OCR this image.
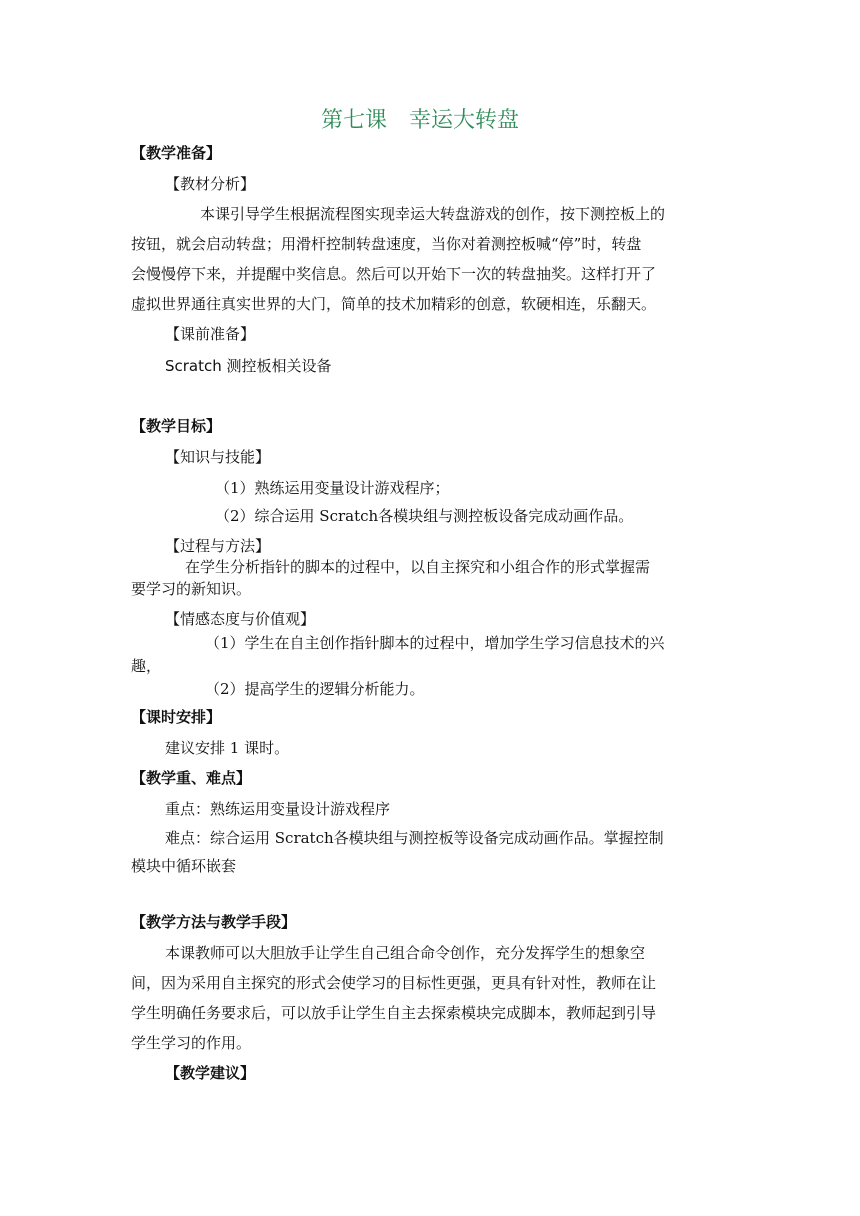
第七课　幸运大转盘
【教学准备】
【教材分析】
本课引导学生根据流程图实现幸运大转盘游戏的创作，按下测控板上的
按钮，就会启动转盘；用滑杆控制转盘速度，当你对着测控板喊“停”时，转盘
会慢慢停下来，并提醒中奖信息。然后可以开始下一次的转盘抽奖。这样打开了
虚拟世界通往真实世界的大门，简单的技术加精彩的创意，软硬相连，乐翻天。
【课前准备】
Scratch 测控板相关设备
【教学目标】
【知识与技能】
（1）熟练运用变量设计游戏程序；
（2）综合运用 Scratch各模块组与测控板设备完成动画作品。
【过程与方法】
在学生分析指针的脚本的过程中，以自主探究和小组合作的形式掌握需
要学习的新知识。
【情感态度与价值观】
（1）学生在自主创作指针脚本的过程中，增加学生学习信息技术的兴
趣，
（2）提高学生的逻辑分析能力。
【课时安排】
建议安排 1 课时。
【教学重、难点】
重点：熟练运用变量设计游戏程序
难点：综合运用 Scratch各模块组与测控板等设备完成动画作品。掌握控制
模块中循环嵌套
【教学方法与教学手段】
本课教师可以大胆放手让学生自己组合命令创作，充分发挥学生的想象空
间，因为采用自主探究的形式会使学习的目标性更强，更具有针对性，教师在让
学生明确任务要求后，可以放手让学生自主去探索模块完成脚本，教师起到引导
学生学习的作用。
【教学建议】
